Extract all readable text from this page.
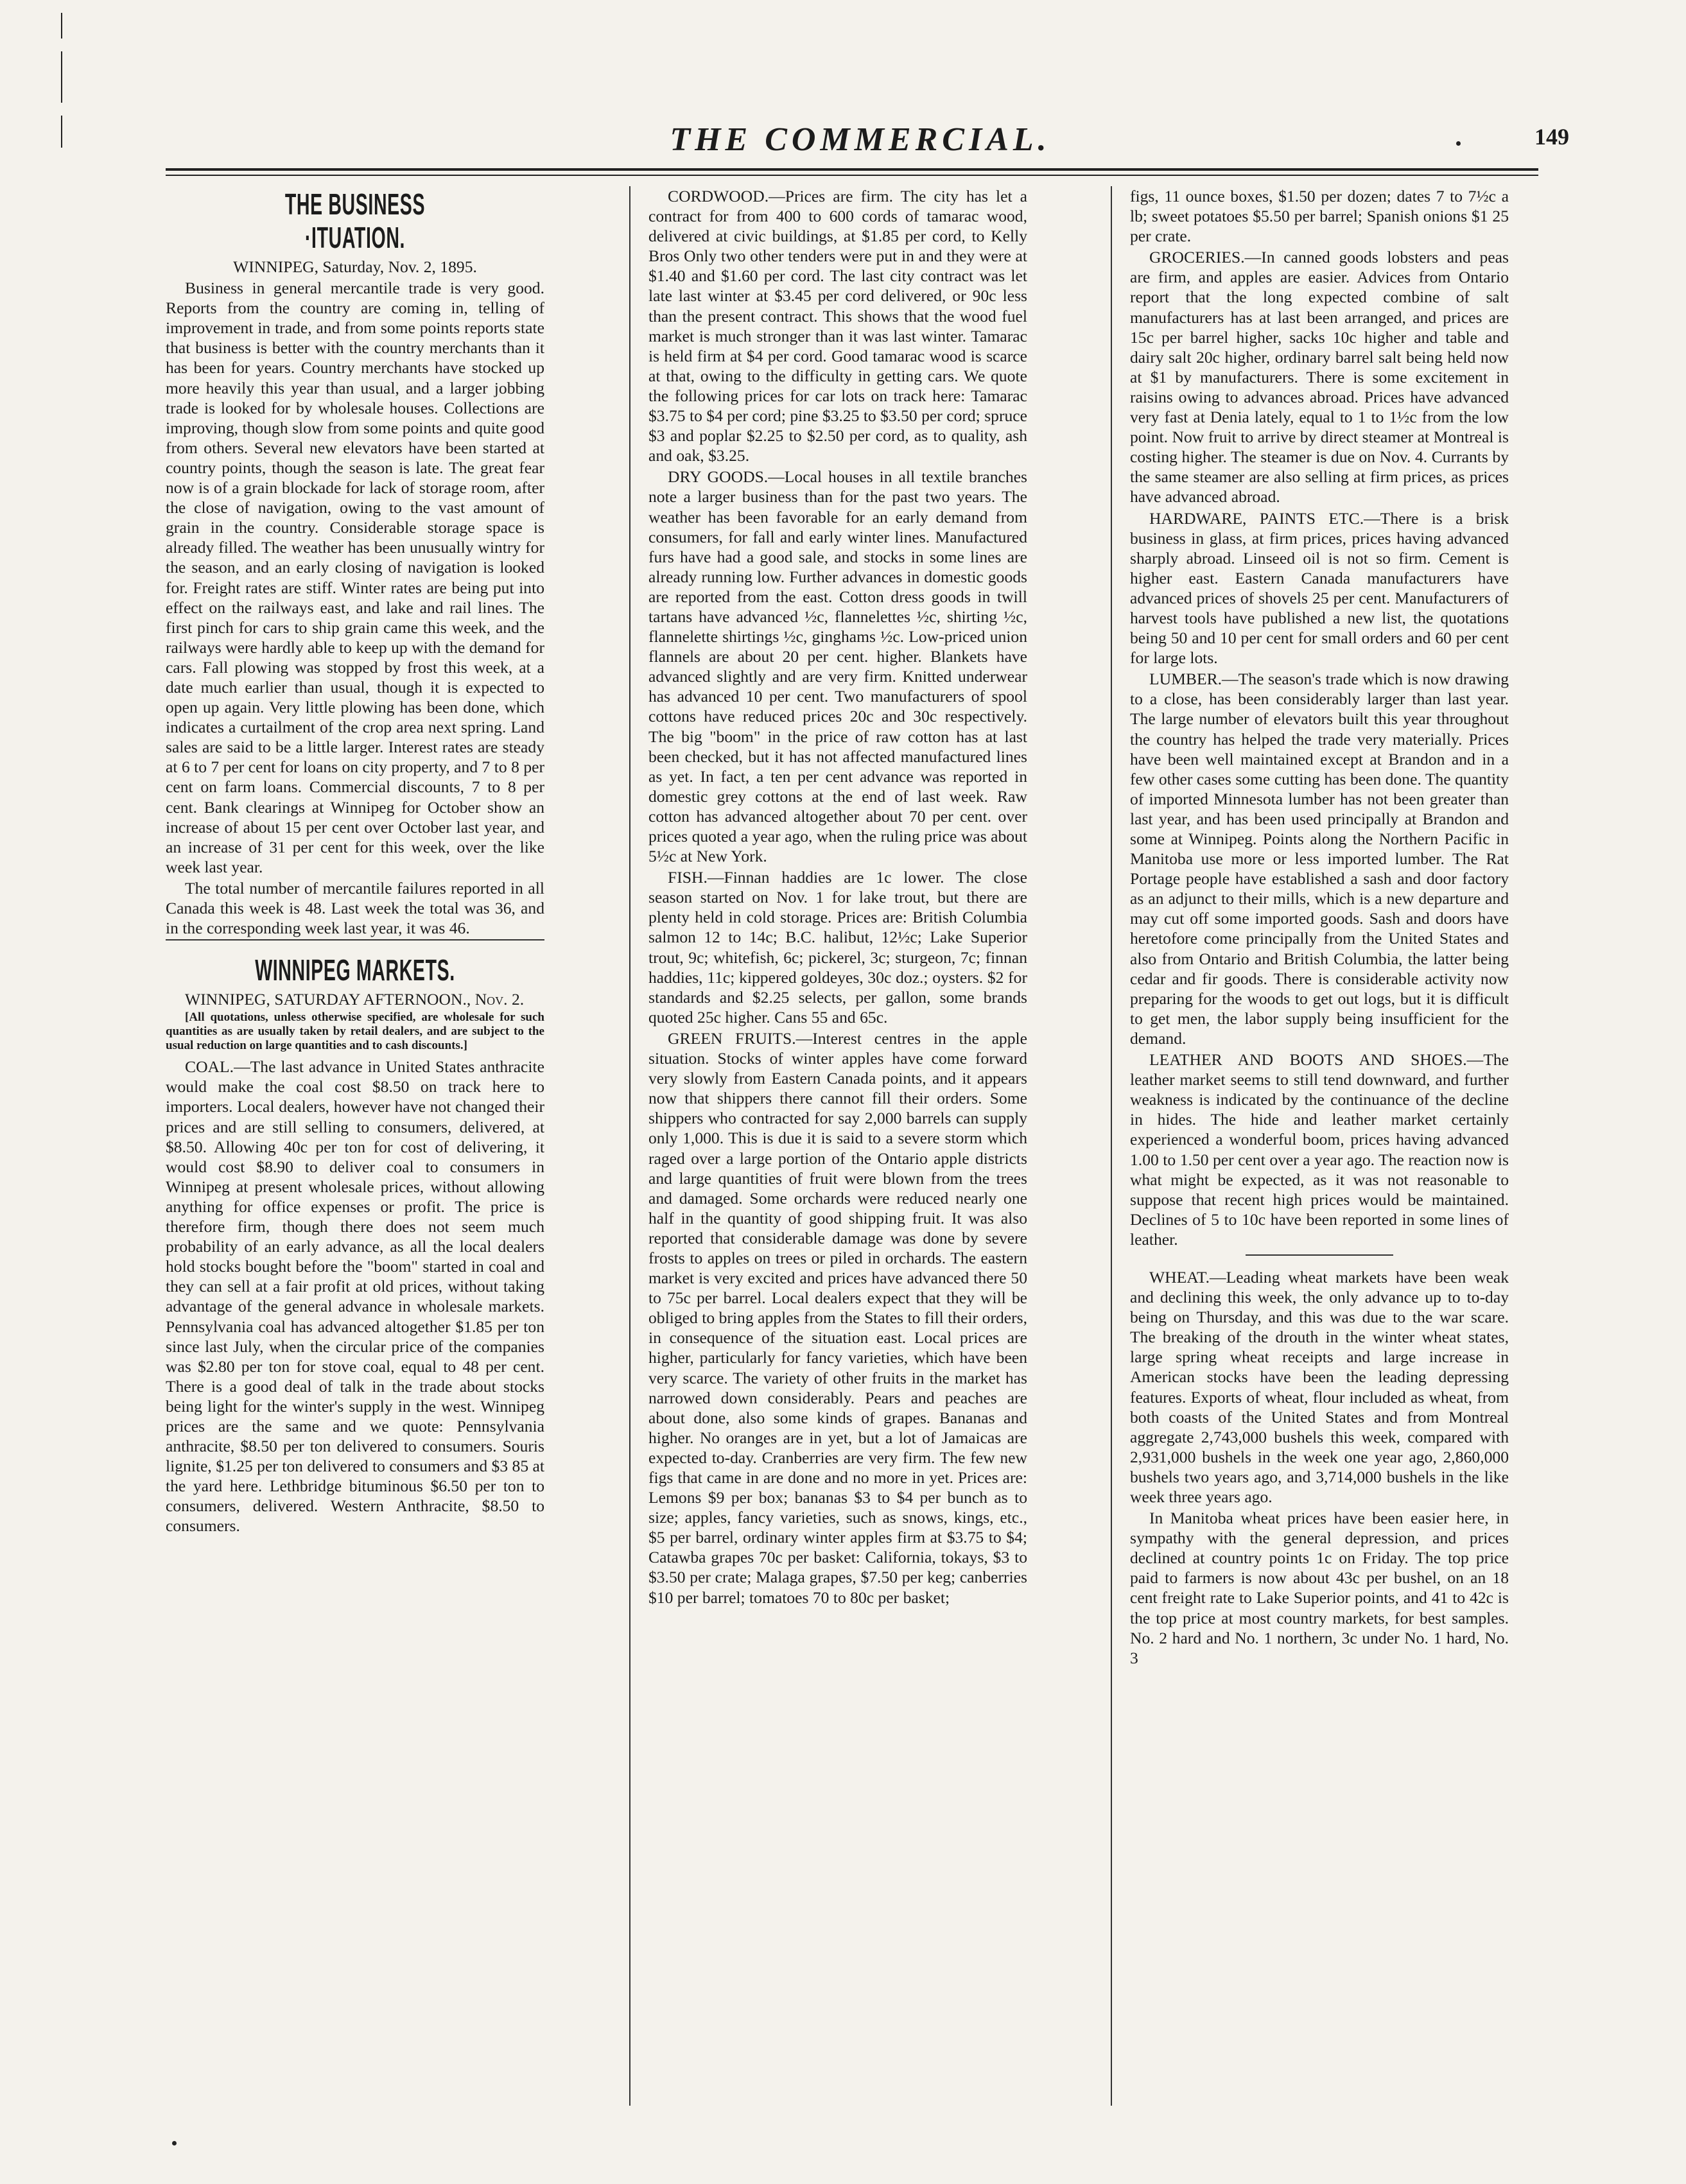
THE COMMERCIAL.	149
THE BUSINESS ·ITUATION.

WINNIPEG, Saturday, Nov. 2, 1895.

Business in general mercantile trade is very good. Reports from the country are coming in, telling of improvement in trade, and from some points reports state that business is better with the country merchants than it has been for years. Country merchants have stocked up more heavily this year than usual, and a larger jobbing trade is looked for by wholesale houses. Collections are improving, though slow from some points and quite good from others. Several new elevators have been started at country points, though the season is late. The great fear now is of a grain blockade for lack of storage room, after the close of navigation, owing to the vast amount of grain in the country. Considerable storage space is already filled. The weather has been unusually wintry for the season, and an early closing of navigation is looked for. Freight rates are stiff. Winter rates are being put into effect on the railways east, and lake and rail lines. The first pinch for cars to ship grain came this week, and the railways were hardly able to keep up with the demand for cars. Fall plowing was stopped by frost this week, at a date much earlier than usual, though it is expected to open up again. Very little plowing has been done, which indicates a curtailment of the crop area next spring. Land sales are said to be a little larger. Interest rates are steady at 6 to 7 per cent for loans on city property, and 7 to 8 per cent on farm loans. Commercial discounts, 7 to 8 per cent. Bank clearings at Winnipeg for October show an increase of about 15 per cent over October last year, and an increase of 31 per cent for this week, over the like week last year.

The total number of mercantile failures reported in all Canada this week is 48. Last week the total was 36, and in the corresponding week last year, it was 46.

WINNIPEG MARKETS.

WINNIPEG, SATURDAY AFTERNOON., Nov. 2.

[All quotations, unless otherwise specified, are wholesale for such quantities as are usually taken by retail dealers, and are subject to the usual reduction on large quantities and to cash discounts.]

COAL.—The last advance in United States anthracite would make the coal cost $8.50 on track here to importers. Local dealers, however have not changed their prices and are still selling to consumers, delivered, at $8.50. Allowing 40c per ton for cost of delivering, it would cost $8.90 to deliver coal to consumers in Winnipeg at present wholesale prices, without allowing anything for office expenses or profit. The price is therefore firm, though there does not seem much probability of an early advance, as all the local dealers hold stocks bought before the "boom" started in coal and they can sell at a fair profit at old prices, without taking advantage of the general advance in wholesale markets. Pennsylvania coal has advanced altogether $1.85 per ton since last July, when the circular price of the companies was $2.80 per ton for stove coal, equal to 48 per cent. There is a good deal of talk in the trade about stocks being light for the winter's supply in the west. Winnipeg prices are the same and we quote: Pennsylvania anthracite, $8.50 per ton delivered to consumers. Souris lignite, $1.25 per ton delivered to consumers and $3 85 at the yard here. Lethbridge bituminous $6.50 per ton to consumers, delivered. Western Anthracite, $8.50 to consumers.

CORDWOOD.—Prices are firm. The city has let a contract for from 400 to 600 cords of tamarac wood, delivered at civic buildings, at $1.85 per cord, to Kelly Bros Only two other tenders were put in and they were at $1.40 and $1.60 per cord. The last city contract was let late last winter at $3.45 per cord delivered, or 90c less than the present contract. This shows that the wood fuel market is much stronger than it was last winter. Tamarac is held firm at $4 per cord. Good tamarac wood is scarce at that, owing to the difficulty in getting cars. We quote the following prices for car lots on track here: Tamarac $3.75 to $4 per cord; pine $3.25 to $3.50 per cord; spruce $3 and poplar $2.25 to $2.50 per cord, as to quality, ash and oak, $3.25.

DRY GOODS.—Local houses in all textile branches note a larger business than for the past two years. The weather has been favorable for an early demand from consumers, for fall and early winter lines. Manufactured furs have had a good sale, and stocks in some lines are already running low. Further advances in domestic goods are reported from the east. Cotton dress goods in twill tartans have advanced ½c, flannelettes ½c, shirting ½c, flannelette shirtings ½c, ginghams ½c. Low-priced union flannels are about 20 per cent. higher. Blankets have advanced slightly and are very firm. Knitted underwear has advanced 10 per cent. Two manufacturers of spool cottons have reduced prices 20c and 30c respectively. The big "boom" in the price of raw cotton has at last been checked, but it has not affected manufactured lines as yet. In fact, a ten per cent advance was reported in domestic grey cottons at the end of last week. Raw cotton has advanced altogether about 70 per cent. over prices quoted a year ago, when the ruling price was about 5½c at New York.

FISH.—Finnan haddies are 1c lower. The close season started on Nov. 1 for lake trout, but there are plenty held in cold storage. Prices are: British Columbia salmon 12 to 14c; B.C. halibut, 12½c; Lake Superior trout, 9c; whitefish, 6c; pickerel, 3c; sturgeon, 7c; finnan haddies, 11c; kippered goldeyes, 30c doz.; oysters. $2 for standards and $2.25 selects, per gallon, some brands quoted 25c higher. Cans 55 and 65c.

GREEN FRUITS.—Interest centres in the apple situation. Stocks of winter apples have come forward very slowly from Eastern Canada points, and it appears now that shippers there cannot fill their orders. Some shippers who contracted for say 2,000 barrels can supply only 1,000. This is due it is said to a severe storm which raged over a large portion of the Ontario apple districts and large quantities of fruit were blown from the trees and damaged. Some orchards were reduced nearly one half in the quantity of good shipping fruit. It was also reported that considerable damage was done by severe frosts to apples on trees or piled in orchards. The eastern market is very excited and prices have advanced there 50 to 75c per barrel. Local dealers expect that they will be obliged to bring apples from the States to fill their orders, in consequence of the situation east. Local prices are higher, particularly for fancy varieties, which have been very scarce. The variety of other fruits in the market has narrowed down considerably. Pears and peaches are about done, also some kinds of grapes. Bananas and higher. No oranges are in yet, but a lot of Jamaicas are expected to-day. Cranberries are very firm. The few new figs that came in are done and no more in yet. Prices are: Lemons $9 per box; bananas $3 to $4 per bunch as to size; apples, fancy varieties, such as snows, kings, etc., $5 per barrel, ordinary winter apples firm at $3.75 to $4; Catawba grapes 70c per basket: California, tokays, $3 to $3.50 per crate; Malaga grapes, $7.50 per keg; canberries $10 per barrel; tomatoes 70 to 80c per basket;

figs, 11 ounce boxes, $1.50 per dozen; dates 7 to 7½c a lb; sweet potatoes $5.50 per barrel; Spanish onions $1 25 per crate.

GROCERIES.—In canned goods lobsters and peas are firm, and apples are easier. Advices from Ontario report that the long expected combine of salt manufacturers has at last been arranged, and prices are 15c per barrel higher, sacks 10c higher and table and dairy salt 20c higher, ordinary barrel salt being held now at $1 by manufacturers. There is some excitement in raisins owing to advances abroad. Prices have advanced very fast at Denia lately, equal to 1 to 1½c from the low point. Now fruit to arrive by direct steamer at Montreal is costing higher. The steamer is due on Nov. 4. Currants by the same steamer are also selling at firm prices, as prices have advanced abroad.

HARDWARE, PAINTS ETC.—There is a brisk business in glass, at firm prices, prices having advanced sharply abroad. Linseed oil is not so firm. Cement is higher east. Eastern Canada manufacturers have advanced prices of shovels 25 per cent. Manufacturers of harvest tools have published a new list, the quotations being 50 and 10 per cent for small orders and 60 per cent for large lots.

LUMBER.—The season's trade which is now drawing to a close, has been considerably larger than last year. The large number of elevators built this year throughout the country has helped the trade very materially. Prices have been well maintained except at Brandon and in a few other cases some cutting has been done. The quantity of imported Minnesota lumber has not been greater than last year, and has been used principally at Brandon and some at Winnipeg. Points along the Northern Pacific in Manitoba use more or less imported lumber. The Rat Portage people have established a sash and door factory as an adjunct to their mills, which is a new departure and may cut off some imported goods. Sash and doors have heretofore come principally from the United States and also from Ontario and British Columbia, the latter being cedar and fir goods. There is considerable activity now preparing for the woods to get out logs, but it is difficult to get men, the labor supply being insufficient for the demand.

LEATHER AND BOOTS AND SHOES.—The leather market seems to still tend downward, and further weakness is indicated by the continuance of the decline in hides. The hide and leather market certainly experienced a wonderful boom, prices having advanced 1.00 to 1.50 per cent over a year ago. The reaction now is what might be expected, as it was not reasonable to suppose that recent high prices would be maintained. Declines of 5 to 10c have been reported in some lines of leather.

WHEAT.—Leading wheat markets have been weak and declining this week, the only advance up to to-day being on Thursday, and this was due to the war scare. The breaking of the drouth in the winter wheat states, large spring wheat receipts and large increase in American stocks have been the leading depressing features. Exports of wheat, flour included as wheat, from both coasts of the United States and from Montreal aggregate 2,743,000 bushels this week, compared with 2,931,000 bushels in the week one year ago, 2,860,000 bushels two years ago, and 3,714,000 bushels in the like week three years ago.

In Manitoba wheat prices have been easier here, in sympathy with the general depression, and prices declined at country points 1c on Friday. The top price paid to farmers is now about 43c per bushel, on an 18 cent freight rate to Lake Superior points, and 41 to 42c is the top price at most country markets, for best samples. No. 2 hard and No. 1 northern, 3c under No. 1 hard, No. 3
